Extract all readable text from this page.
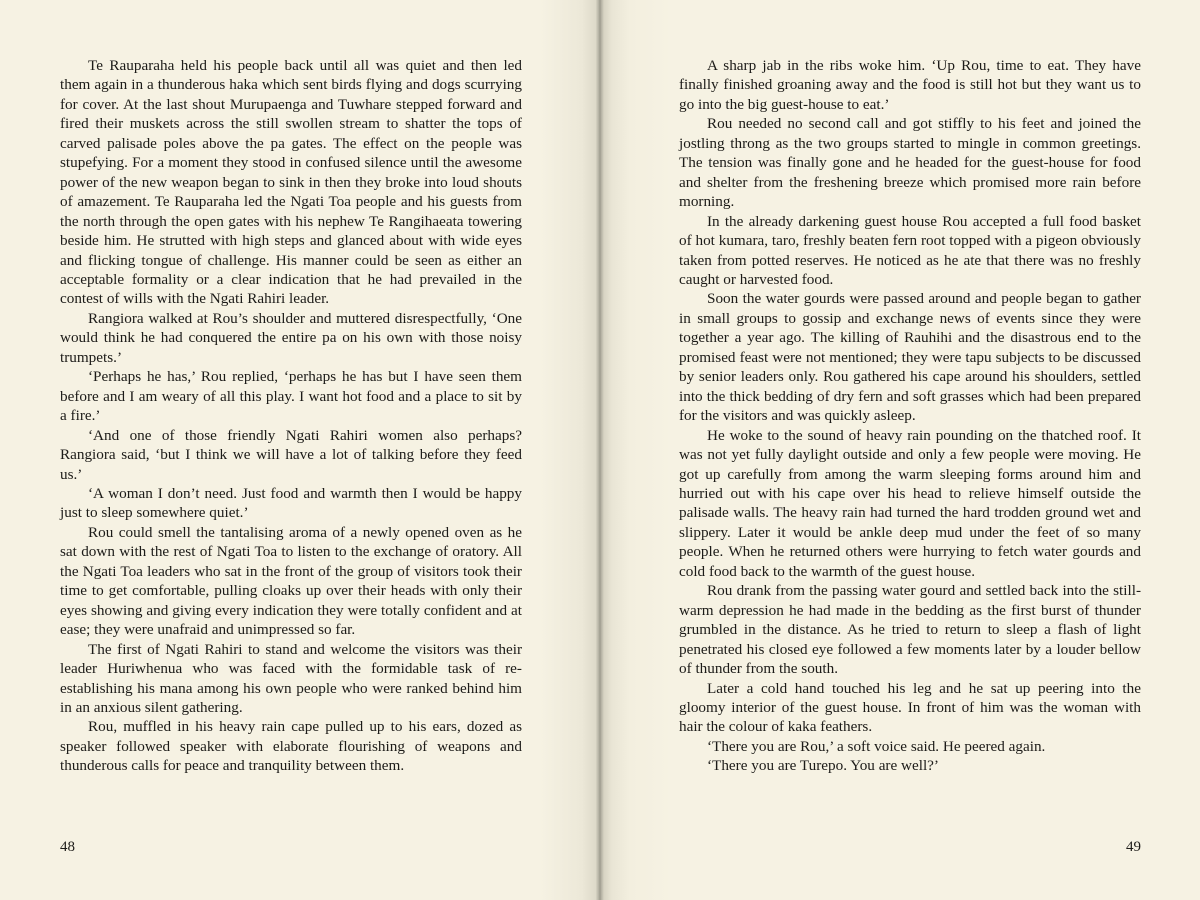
Te Rauparaha held his people back until all was quiet and then led them again in a thunderous haka which sent birds flying and dogs scurrying for cover. At the last shout Murupaenga and Tuwhare stepped forward and fired their muskets across the still swollen stream to shatter the tops of carved palisade poles above the pa gates. The effect on the people was stupefying. For a moment they stood in confused silence until the awesome power of the new weapon began to sink in then they broke into loud shouts of amazement. Te Rauparaha led the Ngati Toa people and his guests from the north through the open gates with his nephew Te Rangihaeata towering beside him. He strutted with high steps and glanced about with wide eyes and flicking tongue of challenge. His manner could be seen as either an acceptable formality or a clear indication that he had prevailed in the contest of wills with the Ngati Rahiri leader.

Rangiora walked at Rou’s shoulder and muttered disrespectfully, ‘One would think he had conquered the entire pa on his own with those noisy trumpets.’

‘Perhaps he has,’ Rou replied, ‘perhaps he has but I have seen them before and I am weary of all this play. I want hot food and a place to sit by a fire.’

‘And one of those friendly Ngati Rahiri women also perhaps? Rangiora said, ‘but I think we will have a lot of talking before they feed us.’

‘A woman I don’t need. Just food and warmth then I would be happy just to sleep somewhere quiet.’

Rou could smell the tantalising aroma of a newly opened oven as he sat down with the rest of Ngati Toa to listen to the exchange of oratory. All the Ngati Toa leaders who sat in the front of the group of visitors took their time to get comfortable, pulling cloaks up over their heads with only their eyes showing and giving every indication they were totally confident and at ease; they were unafraid and unimpressed so far.

The first of Ngati Rahiri to stand and welcome the visitors was their leader Huriwhenua who was faced with the formidable task of re-establishing his mana among his own people who were ranked behind him in an anxious silent gathering.

Rou, muffled in his heavy rain cape pulled up to his ears, dozed as speaker followed speaker with elaborate flourishing of weapons and thunderous calls for peace and tranquility between them.

48

A sharp jab in the ribs woke him. ‘Up Rou, time to eat. They have finally finished groaning away and the food is still hot but they want us to go into the big guest-house to eat.’

Rou needed no second call and got stiffly to his feet and joined the jostling throng as the two groups started to mingle in common greetings. The tension was finally gone and he headed for the guest-house for food and shelter from the freshening breeze which promised more rain before morning.

In the already darkening guest house Rou accepted a full food basket of hot kumara, taro, freshly beaten fern root topped with a pigeon obviously taken from potted reserves. He noticed as he ate that there was no freshly caught or harvested food.

Soon the water gourds were passed around and people began to gather in small groups to gossip and exchange news of events since they were together a year ago. The killing of Rauhihi and the disastrous end to the promised feast were not mentioned; they were tapu subjects to be discussed by senior leaders only. Rou gathered his cape around his shoulders, settled into the thick bedding of dry fern and soft grasses which had been prepared for the visitors and was quickly asleep.

He woke to the sound of heavy rain pounding on the thatched roof. It was not yet fully daylight outside and only a few people were moving. He got up carefully from among the warm sleeping forms around him and hurried out with his cape over his head to relieve himself outside the palisade walls. The heavy rain had turned the hard trodden ground wet and slippery. Later it would be ankle deep mud under the feet of so many people. When he returned others were hurrying to fetch water gourds and cold food back to the warmth of the guest house.

Rou drank from the passing water gourd and settled back into the still-warm depression he had made in the bedding as the first burst of thunder grumbled in the distance. As he tried to return to sleep a flash of light penetrated his closed eye followed a few moments later by a louder bellow of thunder from the south.

Later a cold hand touched his leg and he sat up peering into the gloomy interior of the guest house. In front of him was the woman with hair the colour of kaka feathers.

‘There you are Rou,’ a soft voice said. He peered again.

‘There you are Turepo. You are well?’

49
